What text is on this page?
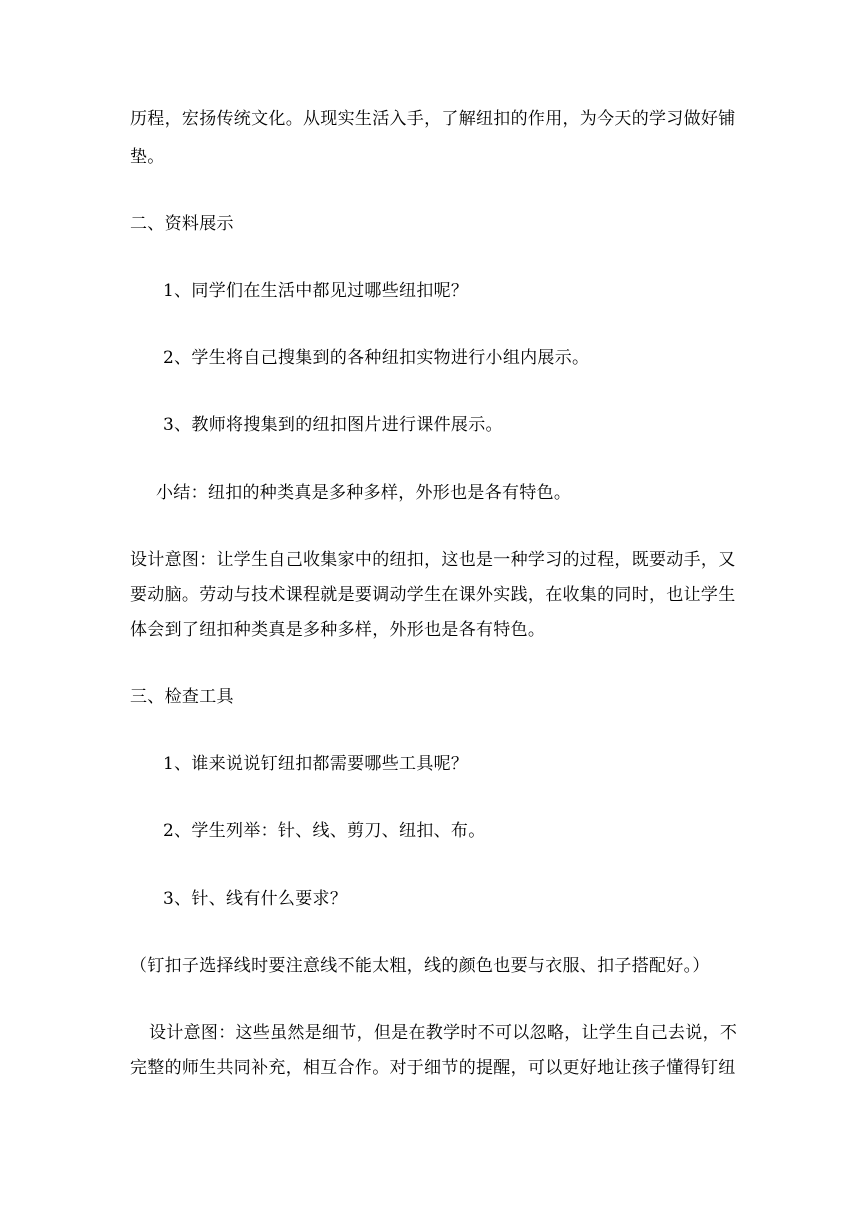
历程，宏扬传统文化。从现实生活入手，了解纽扣的作用，为今天的学习做好铺
垫。
二、资料展示
1、同学们在生活中都见过哪些纽扣呢？
2、学生将自己搜集到的各种纽扣实物进行小组内展示。
3、教师将搜集到的纽扣图片进行课件展示。
小结：纽扣的种类真是多种多样，外形也是各有特色。
设计意图：让学生自己收集家中的纽扣，这也是一种学习的过程，既要动手，又
要动脑。劳动与技术课程就是要调动学生在课外实践，在收集的同时，也让学生
体会到了纽扣种类真是多种多样，外形也是各有特色。
三、检查工具
1、谁来说说钉纽扣都需要哪些工具呢？
2、学生列举：针、线、剪刀、纽扣、布。
3、针、线有什么要求？
（钉扣子选择线时要注意线不能太粗，线的颜色也要与衣服、扣子搭配好。）
设计意图：这些虽然是细节，但是在教学时不可以忽略，让学生自己去说，不
完整的师生共同补充，相互合作。对于细节的提醒，可以更好地让孩子懂得钉纽
